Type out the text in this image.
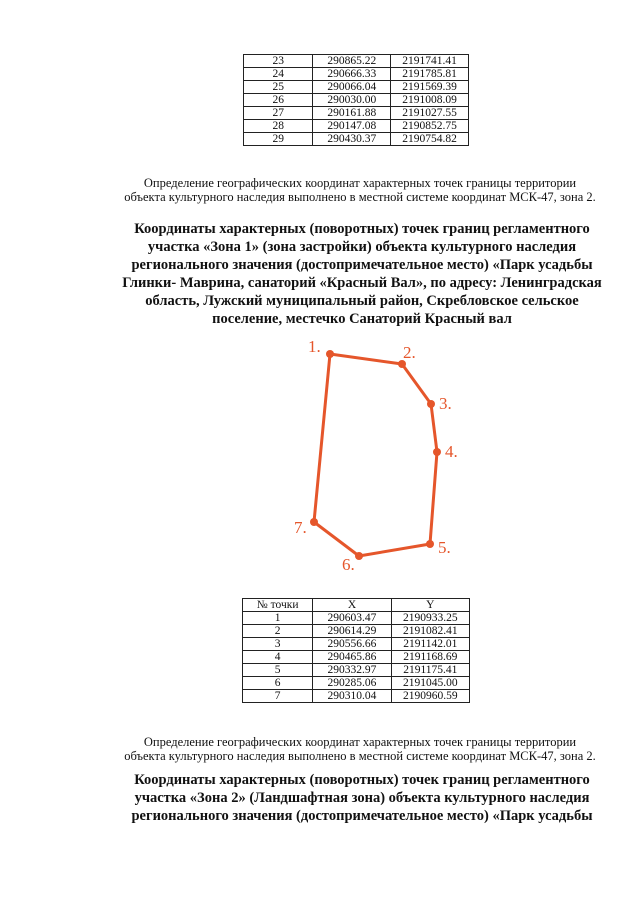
23	290865.22	2191741.41
24	290666.33	2191785.81
25	290066.04	2191569.39
26	290030.00	2191008.09
27	290161.88	2191027.55
28	290147.08	2190852.75
29	290430.37	2190754.82
Определение географических координат характерных точек границы территории
объекта культурного наследия выполнено в местной системе координат МСК-47, зона 2.
Координаты характерных (поворотных) точек границ регламентного
участка «Зона 1» (зона застройки) объекта культурного наследия
регионального значения (достопримечательное место) «Парк усадьбы
Глинки- Маврина, санаторий «Красный Вал», по адресу: Ленинградская
область, Лужский муниципальный район, Скребловское сельское
поселение, местечко Санаторий Красный вал
1.	2.
3.
4.
5.
6.
7.
№ точки	X	Y
1	290603.47	2190933.25
2	290614.29	2191082.41
3	290556.66	2191142.01
4	290465.86	2191168.69
5	290332.97	2191175.41
6	290285.06	2191045.00
7	290310.04	2190960.59
Определение географических координат характерных точек границы территории
объекта культурного наследия выполнено в местной системе координат МСК-47, зона 2.
Координаты характерных (поворотных) точек границ регламентного
участка «Зона 2» (Ландшафтная зона) объекта культурного наследия
регионального значения (достопримечательное место) «Парк усадьбы
